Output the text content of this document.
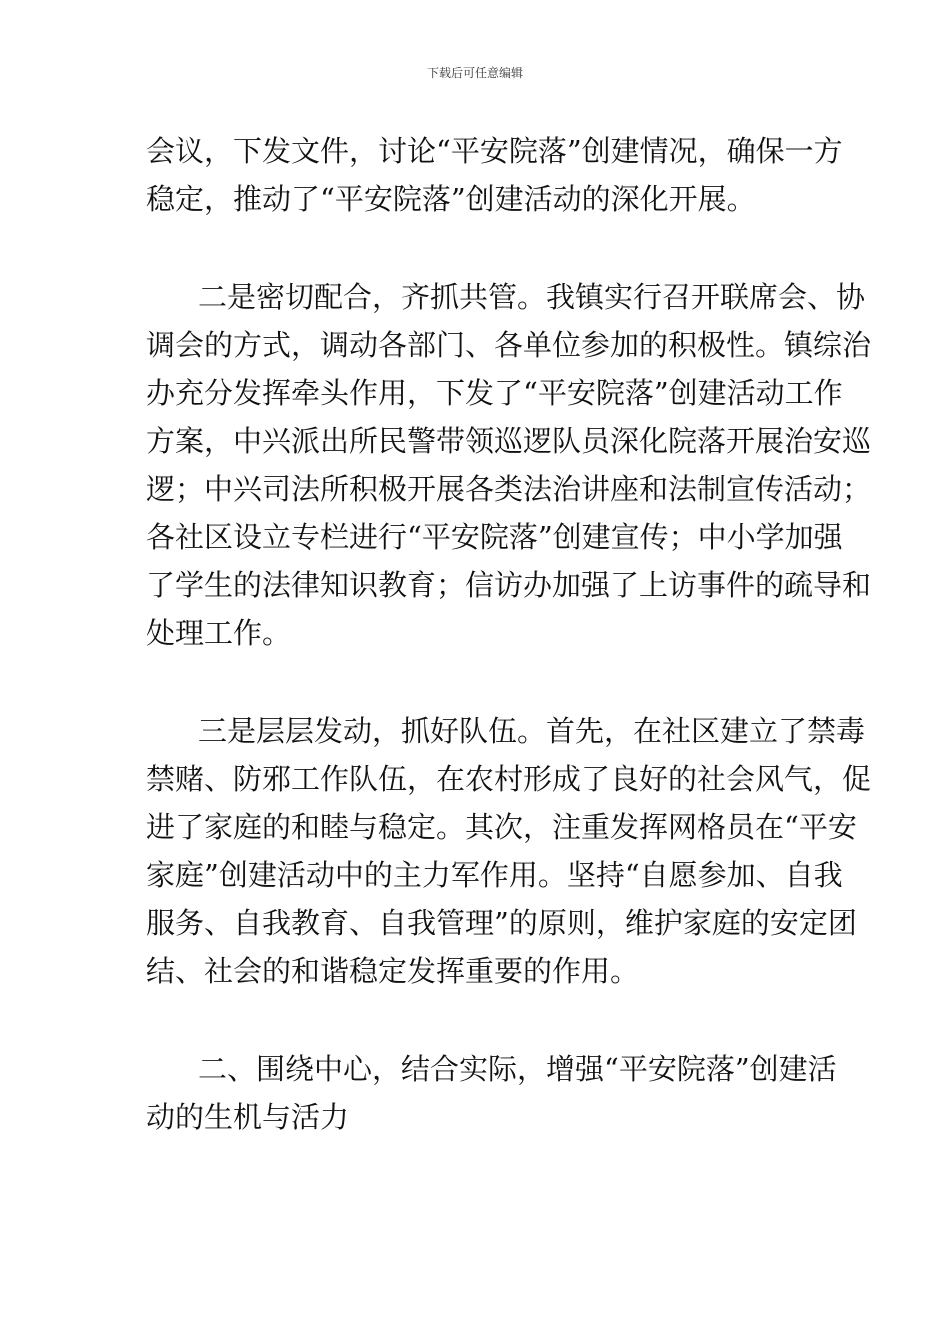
下载后可任意编辑
会议，下发文件，讨论“平安院落”创建情况，确保一方
稳定，推动了“平安院落”创建活动的深化开展。
二是密切配合，齐抓共管。我镇实行召开联席会、协
调会的方式，调动各部门、各单位参加的积极性。镇综治
办充分发挥牵头作用，下发了“平安院落”创建活动工作
方案，中兴派出所民警带领巡逻队员深化院落开展治安巡
逻；中兴司法所积极开展各类法治讲座和法制宣传活动；
各社区设立专栏进行“平安院落”创建宣传；中小学加强
了学生的法律知识教育；信访办加强了上访事件的疏导和
处理工作。
三是层层发动，抓好队伍。首先，在社区建立了禁毒
禁赌、防邪工作队伍，在农村形成了良好的社会风气，促
进了家庭的和睦与稳定。其次，注重发挥网格员在“平安
家庭”创建活动中的主力军作用。坚持“自愿参加、自我
服务、自我教育、自我管理”的原则，维护家庭的安定团
结、社会的和谐稳定发挥重要的作用。
二、围绕中心，结合实际，增强“平安院落”创建活
动的生机与活力
